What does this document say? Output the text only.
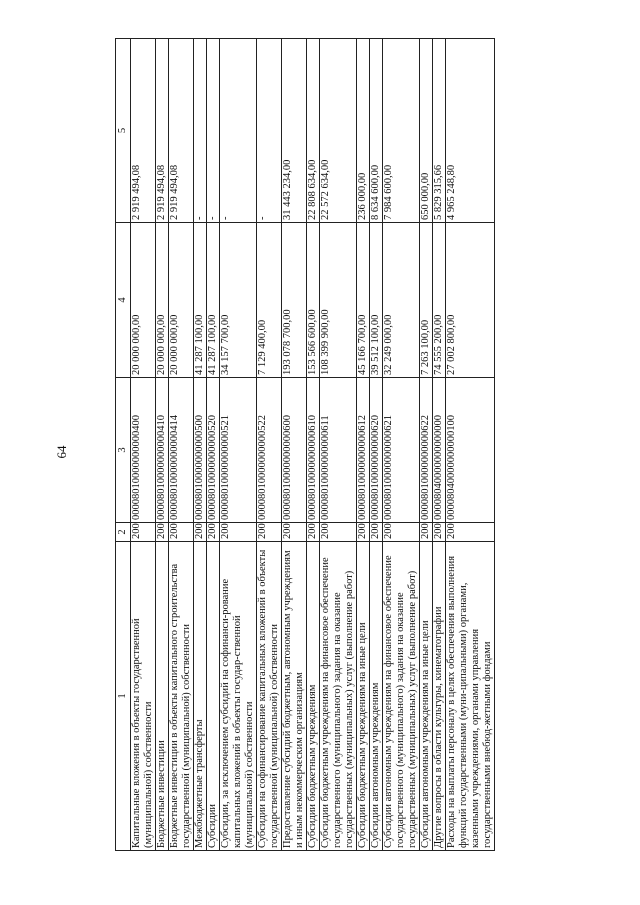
64
1	2	3	4	5
Капитальные вложения в объекты государственной (муниципальной) собственности	200	00008010000000000400	20 000 000,00	2 919 494,08
Бюджетные инвестиции	200	00008010000000000410	20 000 000,00	2 919 494,08
Бюджетные инвестиции в объекты капитального строительства государственной (муниципальной) собственности	200	00008010000000000414	20 000 000,00	2 919 494,08
Межбюджетные трансферты	200	00008010000000000500	41 287 100,00	-
Субсидии	200	00008010000000000520	41 287 100,00	-
Субсидии, за исключением субсидий на софинанси-рование капитальных вложений в объекты государ-ственной (муниципальной) собственности	200	00008010000000000521	34 157 700,00	-
Субсидии на софинансирование капитальных вложений в объекты государственной (муниципальной) собственности	200	00008010000000000522	7 129 400,00	-
Предоставление субсидий бюджетным, автономным учреждениям и иным некоммерческим организациям	200	00008010000000000600	193 078 700,00	31 443 234,00
Субсидии бюджетным учреждениям	200	00008010000000000610	153 566 600,00	22 808 634,00
Субсидии бюджетным учреждениям на финансовое обеспечение государственного (муниципального) задания на оказание государственных (муниципальных) услуг (выполнение работ)	200	00008010000000000611	108 399 900,00	22 572 634,00
Субсидии бюджетным учреждениям на иные цели	200	00008010000000000612	45 166 700,00	236 000,00
Субсидии автономным учреждениям	200	00008010000000000620	39 512 100,00	8 634 600,00
Субсидии автономным учреждениям на финансовое обеспечение государственного (муниципального) задания на оказание государственных (муниципальных) услуг (выполнение работ)	200	00008010000000000621	32 249 000,00	7 984 600,00
Субсидии автономным учреждениям на иные цели	200	00008010000000000622	7 263 100,00	650 000,00
Другие вопросы в области культуры, кинематографии	200	00008040000000000000	74 555 200,00	5 829 315,66
Расходы на выплаты персоналу в целях обеспечения выполнения функций государственными (муни-ципальными) органами, казенными учреждениями, органами управления государственными внебюд-жетными фондами	200	00008040000000000100	27 002 800,00	4 965 248,80
